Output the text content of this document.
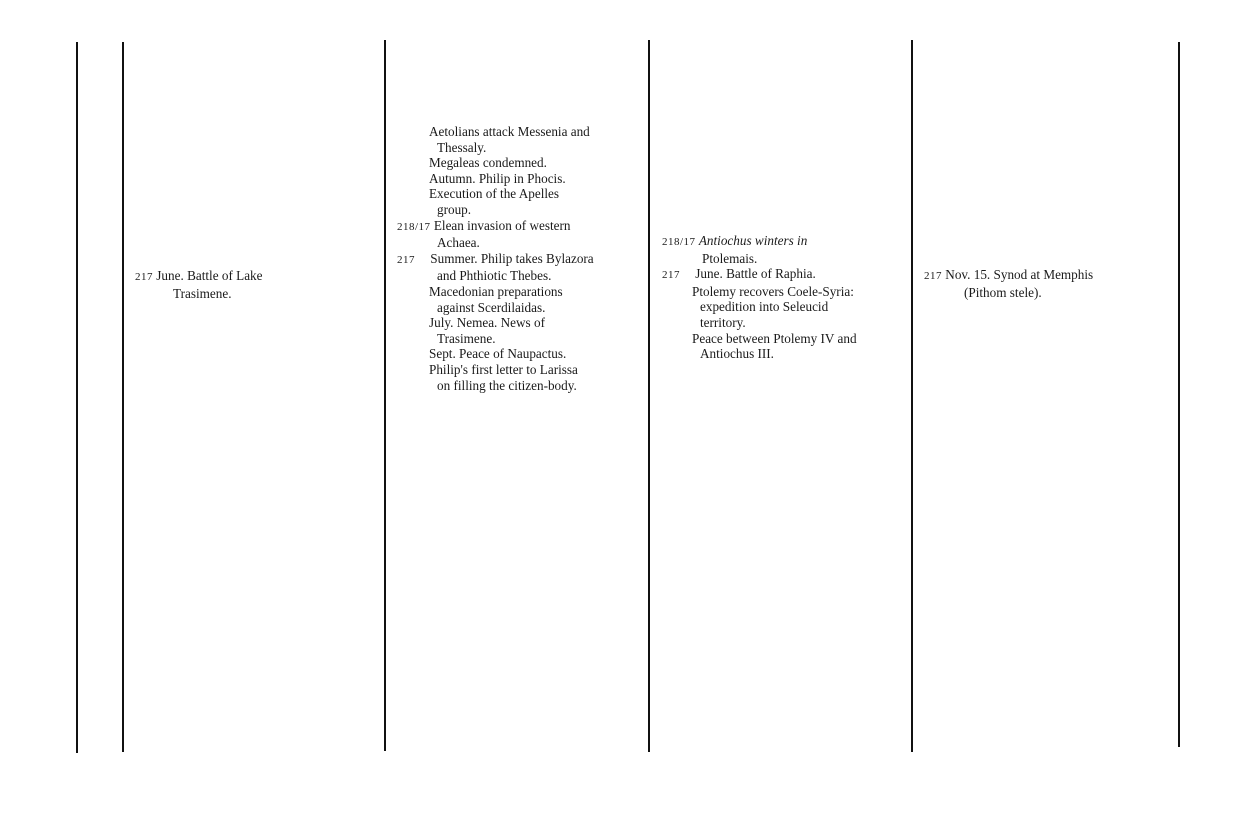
217 June. Battle of Lake
Trasimene.
Aetolians attack Messenia and
Thessaly.
Megaleas condemned.
Autumn. Philip in Phocis.
Execution of the Apelles
group.
218/17 Elean invasion of western
Achaea.
217 Summer. Philip takes Bylazora
and Phthiotic Thebes.
Macedonian preparations
against Scerdilaidas.
July. Nemea. News of
Trasimene.
Sept. Peace of Naupactus.
Philip's first letter to Larissa
on filling the citizen-body.
218/17 Antiochus winters in
Ptolemais.
217 June. Battle of Raphia.
Ptolemy recovers Coele-Syria:
expedition into Seleucid
territory.
Peace between Ptolemy IV and
Antiochus III.
217 Nov. 15. Synod at Memphis
(Pithom stele).
